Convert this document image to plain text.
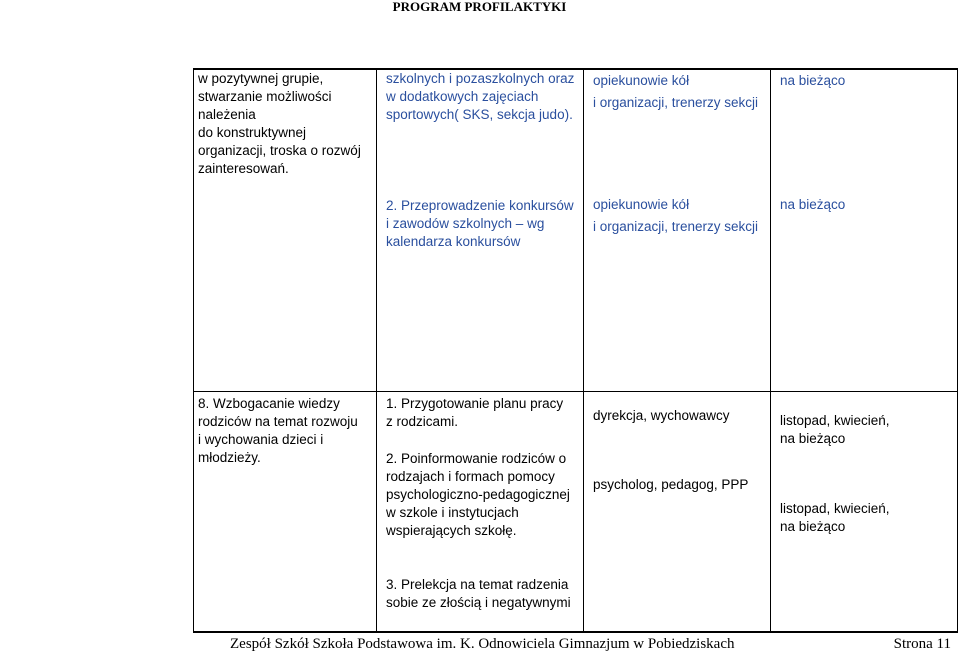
PROGRAM PROFILAKTYKI
w pozytywnej grupie,
stwarzanie możliwości
należenia
do konstruktywnej
organizacji, troska o rozwój
zainteresowań.
szkolnych i pozaszkolnych oraz
w dodatkowych zajęciach
sportowych( SKS, sekcja judo).
opiekunowie kół
i organizacji, trenerzy sekcji
na bieżąco
2. Przeprowadzenie konkursów
i zawodów szkolnych – wg
kalendarza konkursów
opiekunowie kół
i organizacji, trenerzy sekcji
na bieżąco
8. Wzbogacanie wiedzy
rodziców na temat rozwoju
i wychowania dzieci i
młodzieży.
1. Przygotowanie planu pracy
z rodzicami.
2. Poinformowanie rodziców o
rodzajach i formach pomocy
psychologiczno-pedagogicznej
w szkole i instytucjach
wspierających szkołę.
3. Prelekcja na temat radzenia
sobie ze złością i negatywnymi
dyrekcja, wychowawcy
psycholog, pedagog, PPP
listopad, kwiecień,
na bieżąco
listopad, kwiecień,
na bieżąco
Zespół Szkół Szkoła Podstawowa im. K. Odnowiciela Gimnazjum w Pobiedziskach	Strona 11
